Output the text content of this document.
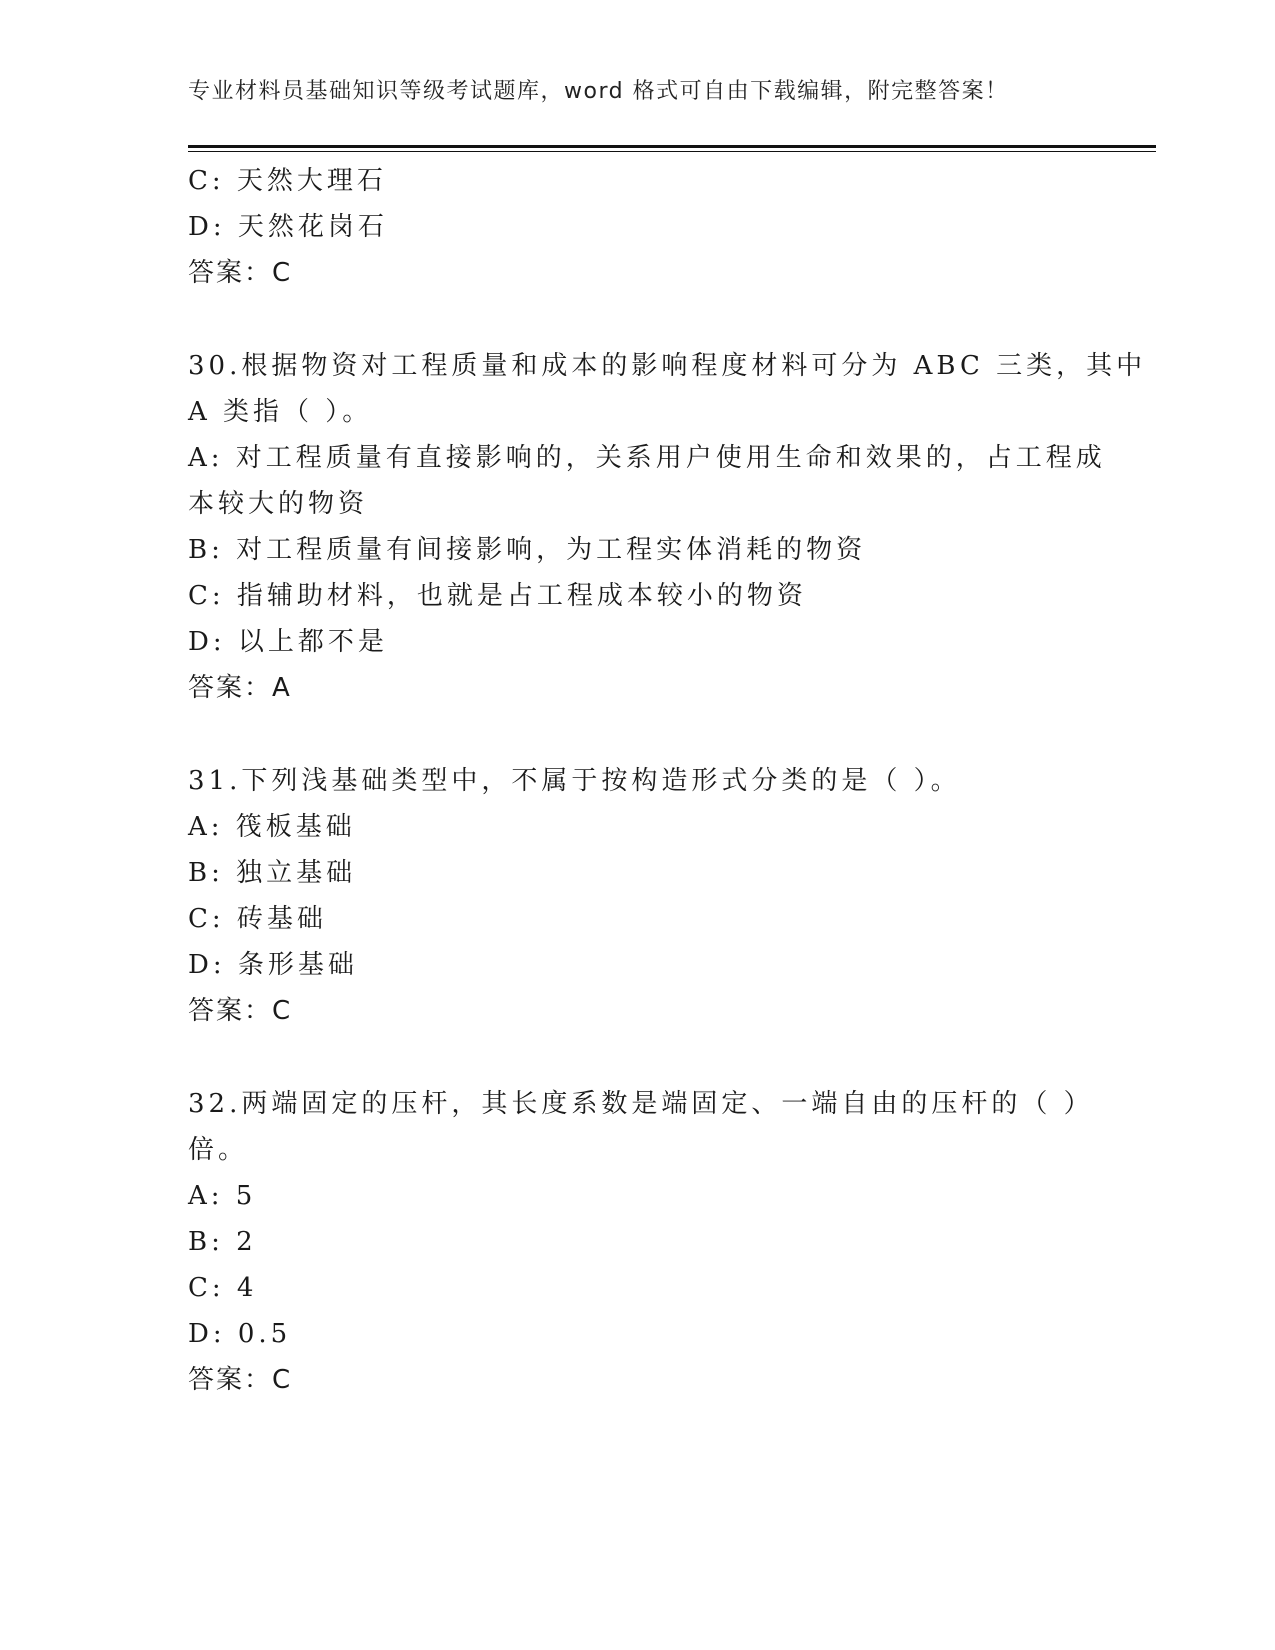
专业材料员基础知识等级考试题库，word 格式可自由下载编辑，附完整答案！
C: 天然大理石
D: 天然花岗石
答案：C
30.根据物资对工程质量和成本的影响程度材料可分为 ABC 三类，其中
A 类指（ ）。
A: 对工程质量有直接影响的，关系用户使用生命和效果的，占工程成
本较大的物资
B: 对工程质量有间接影响，为工程实体消耗的物资
C: 指辅助材料，也就是占工程成本较小的物资
D: 以上都不是
答案：A
31.下列浅基础类型中，不属于按构造形式分类的是（ ）。
A: 筏板基础
B: 独立基础
C: 砖基础
D: 条形基础
答案：C
32.两端固定的压杆，其长度系数是端固定、一端自由的压杆的（ ）
倍。
A: 5
B: 2
C: 4
D: 0.5
答案：C
